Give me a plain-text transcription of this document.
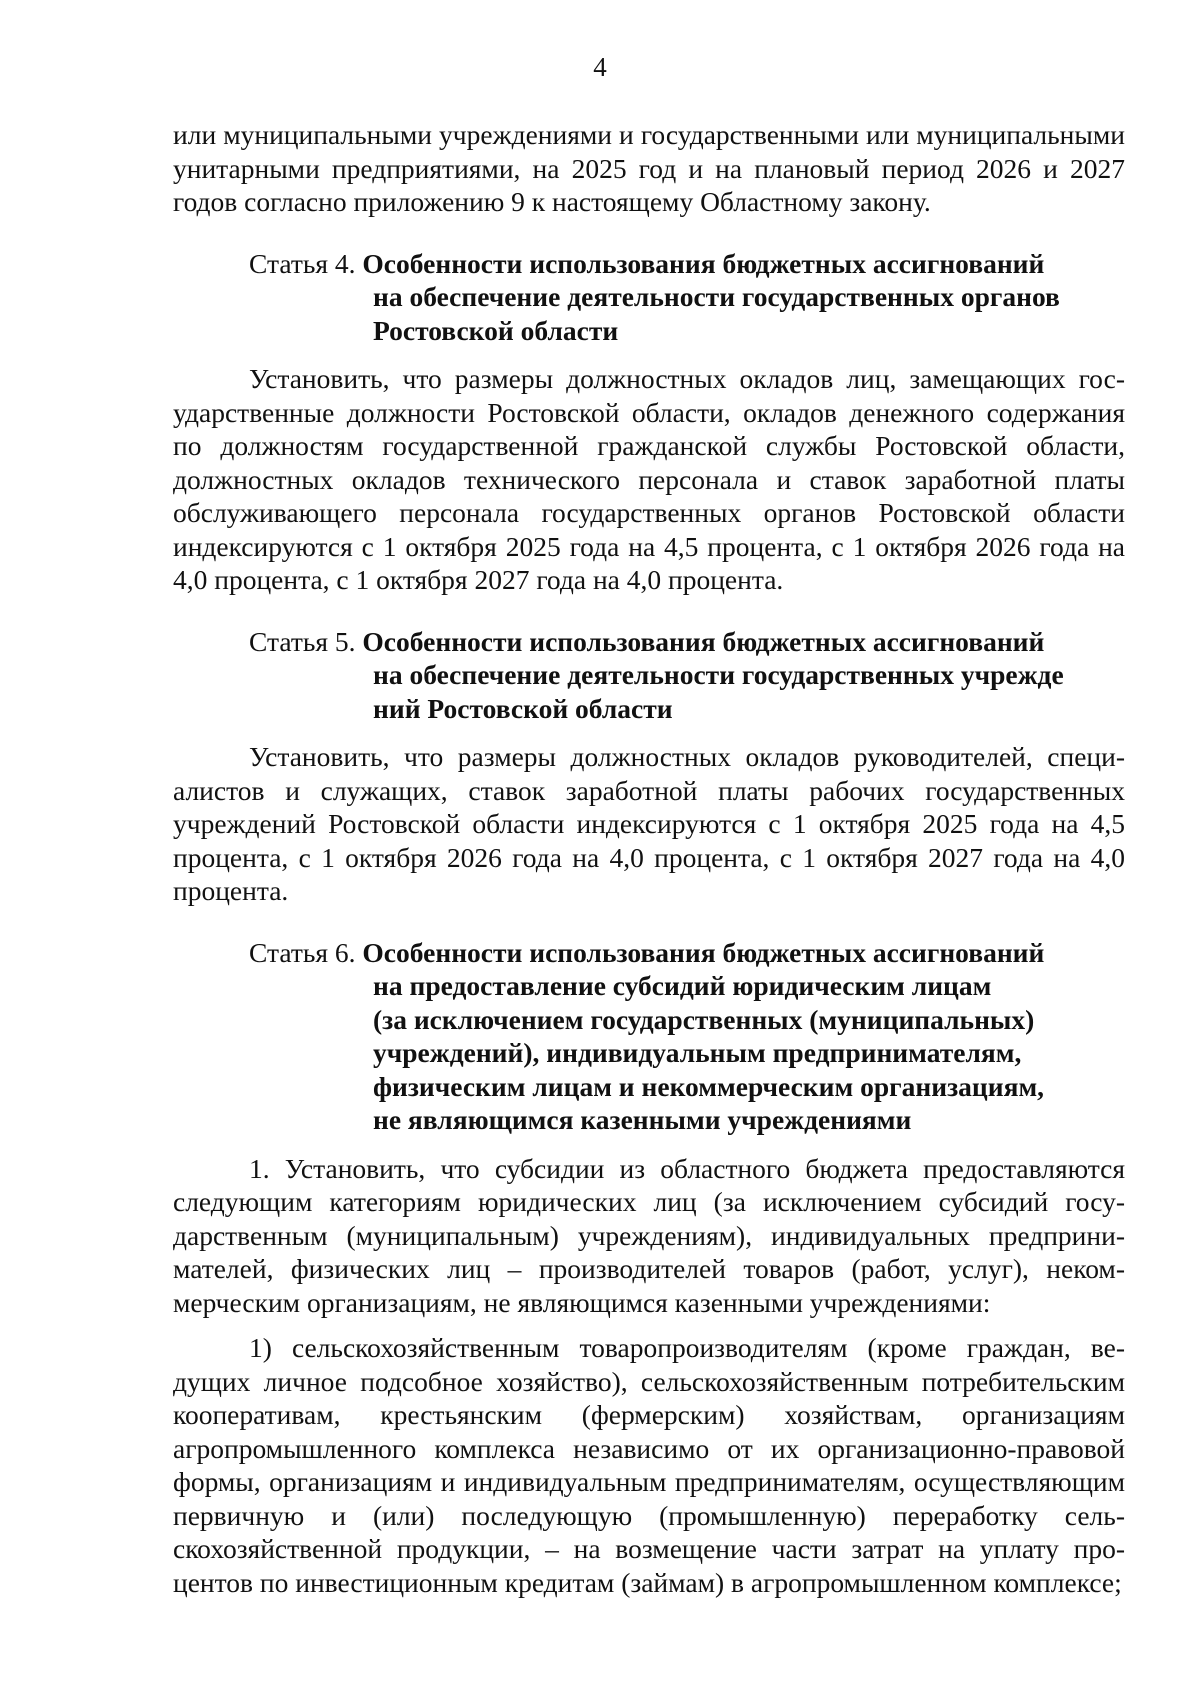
4

или муниципальными учреждениями и государственными или муниципальными унитарными предприятиями, на 2025 год и на плановый период 2026 и 2027 годов согласно приложению 9 к настоящему Областному закону.

Статья 4. Особенности использования бюджетных ассигнований
на обеспечение деятельности государственных органов
Ростовской области

Установить, что размеры должностных окладов лиц, замещающих государственные должности Ростовской области, окладов денежного содержания по должностям государственной гражданской службы Ростовской области, должностных окладов технического персонала и ставок заработной платы обслуживающего персонала государственных органов Ростовской области индексируются с 1 октября 2025 года на 4,5 процента, с 1 октября 2026 года на 4,0 процента, с 1 октября 2027 года на 4,0 процента.

Статья 5. Особенности использования бюджетных ассигнований
на обеспечение деятельности государственных учрежде
ний Ростовской области

Установить, что размеры должностных окладов руководителей, специалистов и служащих, ставок заработной платы рабочих государственных учреждений Ростовской области индексируются с 1 октября 2025 года на 4,5 процента, с 1 октября 2026 года на 4,0 процента, с 1 октября 2027 года на 4,0 процента.

Статья 6. Особенности использования бюджетных ассигнований
на предоставление субсидий юридическим лицам
(за исключением государственных (муниципальных)
учреждений), индивидуальным предпринимателям,
физическим лицам и некоммерческим организациям,
не являющимся казенными учреждениями

1. Установить, что субсидии из областного бюджета предоставляются следующим категориям юридических лиц (за исключением субсидий государственным (муниципальным) учреждениям), индивидуальных предпринимателей, физических лиц – производителей товаров (работ, услуг), некоммерческим организациям, не являющимся казенными учреждениями:

1) сельскохозяйственным товаропроизводителям (кроме граждан, ведущих личное подсобное хозяйство), сельскохозяйственным потребительским кооперативам, крестьянским (фермерским) хозяйствам, организациям агропромышленного комплекса независимо от их организационно-правовой формы, организациям и индивидуальным предпринимателям, осуществляющим первичную и (или) последующую (промышленную) переработку сельскохозяйственной продукции, – на возмещение части затрат на уплату процентов по инвестиционным кредитам (займам) в агропромышленном комплексе;
